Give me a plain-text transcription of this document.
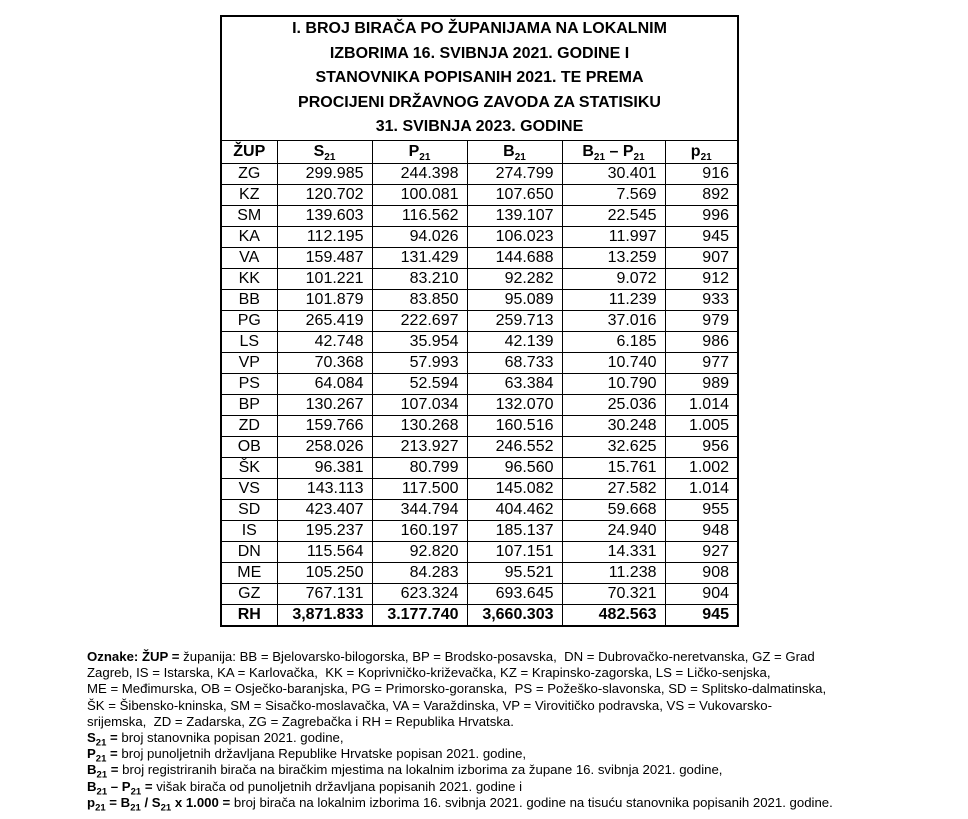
I. BROJ BIRAČA PO ŽUPANIJAMA NA LOKALNIM
IZBORIMA 16. SVIBNJA 2021. GODINE I
STANOVNIKA POPISANIH 2021. TE PREMA
PROCIJENI DRŽAVNOG ZAVODA ZA STATISIKU
31. SVIBNJA 2023. GODINE					

ŽUP	$S_{21}$	$P_{21}$	$B_{21}$	$B_{21} - P_{21}$	$p_{21}$
ZG	299.985	244.398	274.799	30.401	916
KZ	120.702	100.081	107.650	7.569	892
SM	139.603	116.562	139.107	22.545	996
KA	112.195	94.026	106.023	11.997	945
VA	159.487	131.429	144.688	13.259	907
KK	101.221	83.210	92.282	9.072	912
BB	101.879	83.850	95.089	11.239	933
PG	265.419	222.697	259.713	37.016	979
LS	42.748	35.954	42.139	6.185	986
VP	70.368	57.993	68.733	10.740	977
PS	64.084	52.594	63.384	10.790	989
BP	130.267	107.034	132.070	25.036	1.014
ZD	159.766	130.268	160.516	30.248	1.005
OB	258.026	213.927	246.552	32.625	956
ŠK	96.381	80.799	96.560	15.761	1.002
VS	143.113	117.500	145.082	27.582	1.014
SD	423.407	344.794	404.462	59.668	955
IS	195.237	160.197	185.137	24.940	948
DN	115.564	92.820	107.151	14.331	927
ME	105.250	84.283	95.521	11.238	908
GZ	767.131	623.324	693.645	70.321	904
RH	3,871.833	3.177.740	3,660.303	482.563	945
Oznake: ŽUP = županija: BB = Bjelovarsko-bilogorska, BP = Brodsko-posavska,  DN = Dubrovačko-neretvanska, GZ = Grad
Zagreb, IS = Istarska, KA = Karlovačka,  KK = Koprivničko-križevačka, KZ = Krapinsko-zagorska, LS = Ličko-senjska,
ME = Međimurska, OB = Osječko-baranjska, PG = Primorsko-goranska,  PS = Požeško-slavonska, SD = Splitsko-dalmatinska,
ŠK = Šibensko-kninska, SM = Sisačko-moslavačka, VA = Varaždinska, VP = Virovitičko podravska, VS = Vukovarsko-
srijemska,  ZD = Zadarska, ZG = Zagrebačka i RH = Republika Hrvatska.
$S_{21}$ = broj stanovnika popisan 2021. godine,
$P_{21}$ = broj punoljetnih državljana Republike Hrvatske popisan 2021. godine,
$B_{21}$ = broj registriranih birača na biračkim mjestima na lokalnim izborima za župane 16. svibnja 2021. godine,
$B_{21} - P_{21}$ = višak birača od punoljetnih državljana popisanih 2021. godine i
$p_{21} = B_{21} / S_{21}$ x 1.000 = broj birača na lokalnim izborima 16. svibnja 2021. godine na tisuću stanovnika popisanih 2021. godine.
